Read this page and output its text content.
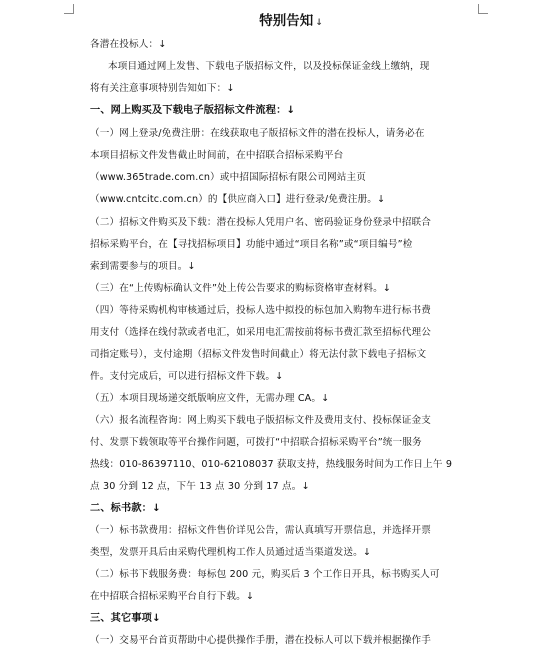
特别告知 ↓
各潜在投标人：↓
本项目通过网上发售、下载电子版招标文件，以及投标保证金线上缴纳，现
将有关注意事项特别告知如下：↓
一、网上购买及下载电子版招标文件流程：↓
（一）网上登录/免费注册：在线获取电子版招标文件的潜在投标人，请务必在
本项目招标文件发售截止时间前，在中招联合招标采购平台
（www.365trade.com.cn）或中招国际招标有限公司网站主页
（www.cntcitc.com.cn）的【供应商入口】进行登录/免费注册。↓
（二）招标文件购买及下载：潜在投标人凭用户名、密码验证身份登录中招联合
招标采购平台，在【寻找招标项目】功能中通过“项目名称”或“项目编号”检
索到需要参与的项目。↓
（三）在“上传购标确认文件”处上传公告要求的购标资格审查材料。↓
（四）等待采购机构审核通过后，投标人选中拟投的标包加入购物车进行标书费
用支付（选择在线付款或者电汇，如采用电汇需按前将标书费汇款至招标代理公
司指定账号），支付途期（招标文件发售时间截止）将无法付款下载电子招标文
件。支付完成后，可以进行招标文件下载。↓
（五）本项目现场递交纸版响应文件，无需办理 CA。↓
（六）报名流程咨询：网上购买下载电子版招标文件及费用支付、投标保证金支
付、发票下载领取等平台操作问题，可拨打“中招联合招标采购平台”统一服务
热线：010-86397110、010-62108037 获取支持，热线服务时间为工作日上午 9
点 30 分到 12 点，下午 13 点 30 分到 17 点。↓
二、标书款：↓
（一）标书款费用：招标文件售价详见公告，需认真填写开票信息，并选择开票
类型，发票开具后由采购代理机构工作人员通过适当渠道发送。↓
（二）标书下载服务费：每标包 200 元，购买后 3 个工作日开具，标书购买人可
在中招联合招标采购平台自行下载。↓
三、其它事项↓
（一）交易平台首页帮助中心提供操作手册，潜在投标人可以下载并根据操作手
